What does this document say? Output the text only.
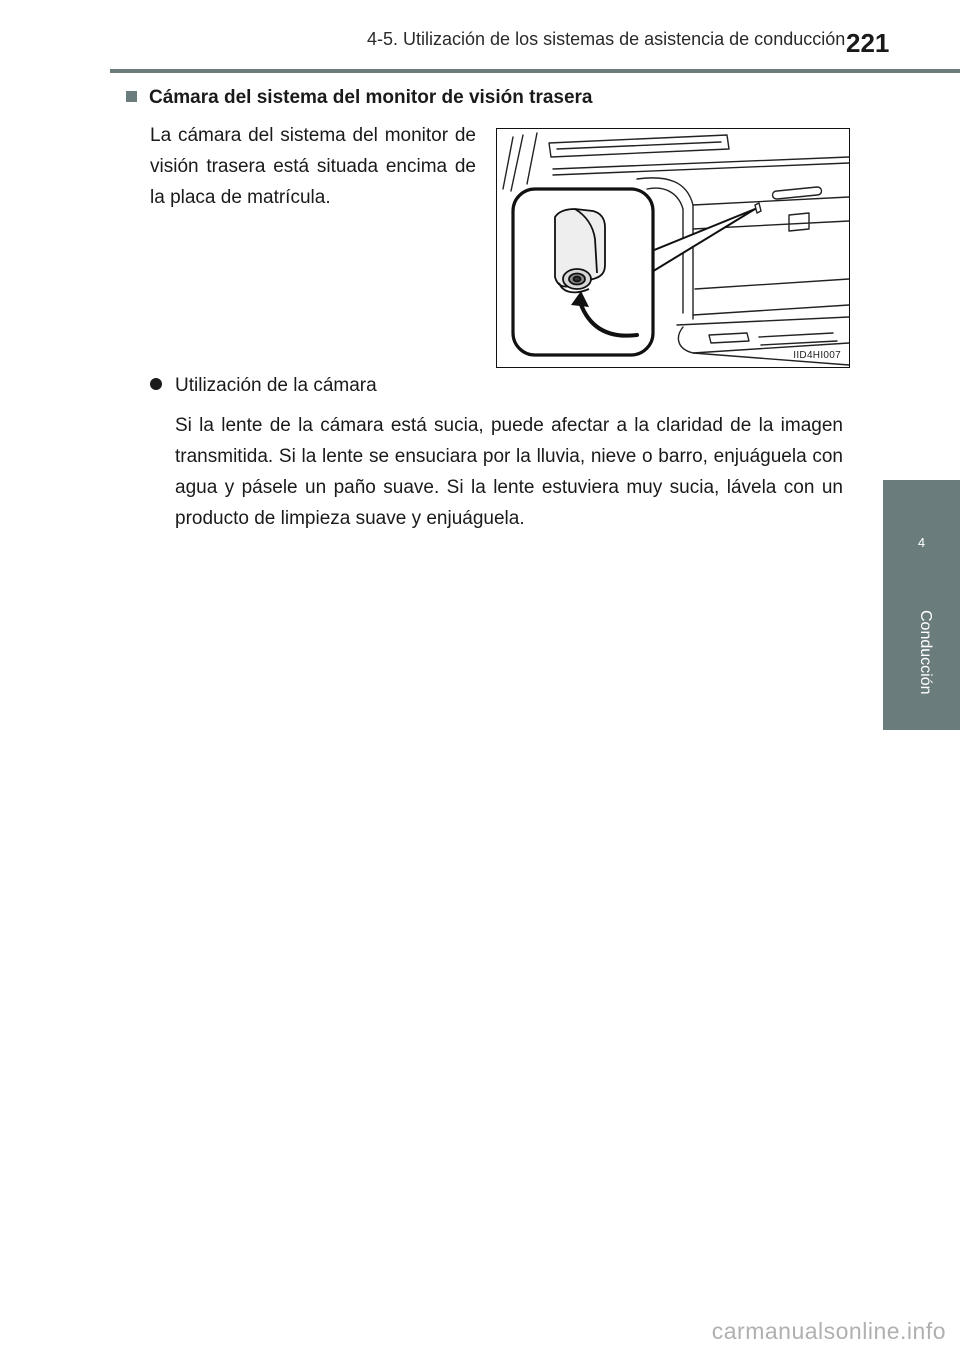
4-5. Utilización de los sistemas de asistencia de conducción 221
4
Conducción
Cámara del sistema del monitor de visión trasera
La cámara del sistema del monitor de visión trasera está situada encima de la placa de matrícula.
IID4HI007
Utilización de la cámara
Si la lente de la cámara está sucia, puede afectar a la claridad de la imagen transmitida. Si la lente se ensuciara por la lluvia, nieve o barro, enjuáguela con agua y pásele un paño suave. Si la lente estuviera muy sucia, lávela con un producto de limpieza suave y enjuáguela.
carmanualsonline.info
